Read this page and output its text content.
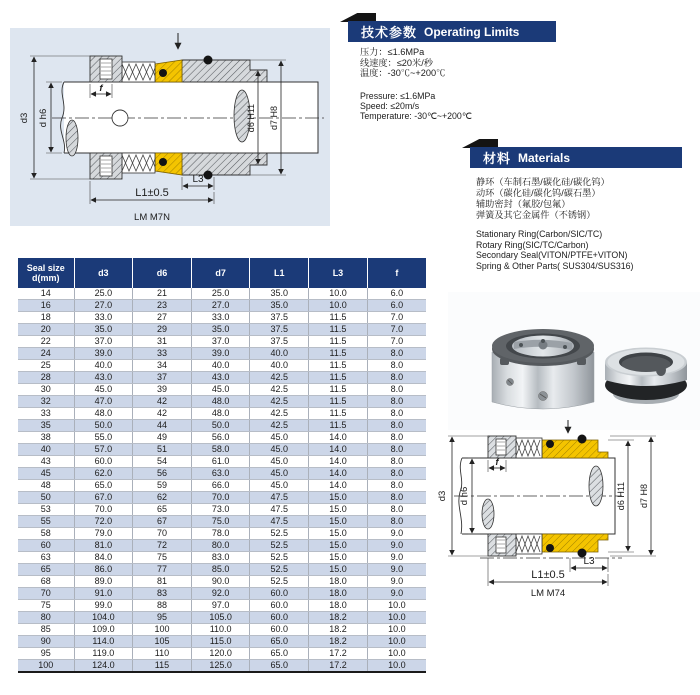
d3 d h6
f
d6 H11 d7 H8
L3
L1±0.5
LM M7N
技术参数 Operating Limits
压力：≤1.6MPa
线速度：≤20米/秒
温度：-30℃~+200℃
Pressure: ≤1.6MPa
Speed: ≤20m/s
Temperature: -30℃~+200℃
材料 Materials
静环（车制石墨/碳化硅/碳化钨）
动环（碳化硅/碳化钨/碳石墨）
辅助密封（氟胶/包氟）
弹簧及其它金属件（不锈钢）
Stationary Ring(Carbon/SIC/TC)
Rotary Ring(SIC/TC/Carbon)
Secondary Seal(VITON/PTFE+VITON)
Spring & Other Parts( SUS304/SUS316)
d3 d h6
f
d6 H11 d7 H8
L3
L1±0.5
LM M74
Seal size
d(mm)	d3	d6	d7	L1	L3	f
14	25.0	21	25.0	35.0	10.0	6.0
16	27.0	23	27.0	35.0	10.0	6.0
18	33.0	27	33.0	37.5	11.5	7.0
20	35.0	29	35.0	37.5	11.5	7.0
22	37.0	31	37.0	37.5	11.5	7.0
24	39.0	33	39.0	40.0	11.5	8.0
25	40.0	34	40.0	40.0	11.5	8.0
28	43.0	37	43.0	42.5	11.5	8.0
30	45.0	39	45.0	42.5	11.5	8.0
32	47.0	42	48.0	42.5	11.5	8.0
33	48.0	42	48.0	42.5	11.5	8.0
35	50.0	44	50.0	42.5	11.5	8.0
38	55.0	49	56.0	45.0	14.0	8.0
40	57.0	51	58.0	45.0	14.0	8.0
43	60.0	54	61.0	45.0	14.0	8.0
45	62.0	56	63.0	45.0	14.0	8.0
48	65.0	59	66.0	45.0	14.0	8.0
50	67.0	62	70.0	47.5	15.0	8.0
53	70.0	65	73.0	47.5	15.0	8.0
55	72.0	67	75.0	47.5	15.0	8.0
58	79.0	70	78.0	52.5	15.0	9.0
60	81.0	72	80.0	52.5	15.0	9.0
63	84.0	75	83.0	52.5	15.0	9.0
65	86.0	77	85.0	52.5	15.0	9.0
68	89.0	81	90.0	52.5	18.0	9.0
70	91.0	83	92.0	60.0	18.0	9.0
75	99.0	88	97.0	60.0	18.0	10.0
80	104.0	95	105.0	60.0	18.2	10.0
85	109.0	100	110.0	60.0	18.2	10.0
90	114.0	105	115.0	65.0	18.2	10.0
95	119.0	110	120.0	65.0	17.2	10.0
100	124.0	115	125.0	65.0	17.2	10.0
